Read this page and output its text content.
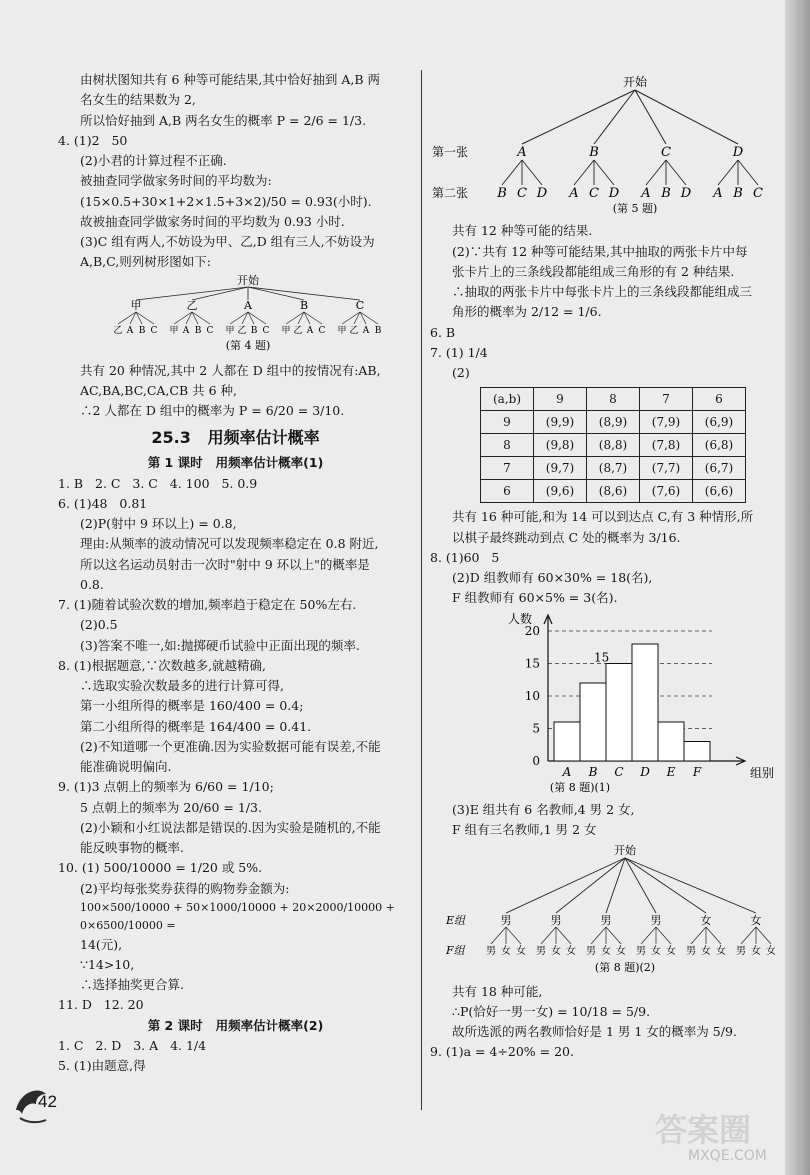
由树状图知共有 6 种等可能结果,其中恰好抽到 A,B 两

名女生的结果数为 2,

所以恰好抽到 A,B 两名女生的概率 P = 2/6 = 1/3.

4. (1)2   50

(2)小君的计算过程不正确.

被抽查同学做家务时间的平均数为:

(15×0.5+30×1+2×1.5+3×2)/50 = 0.93(小时).

故被抽查同学做家务时间的平均数为 0.93 小时.

(3)C 组有两人,不妨设为甲、乙,D 组有三人,不妨设为

A,B,C,则列树形图如下:

开始
甲
乙 A B C
乙
甲 A B C
A
甲 乙 B C
B
甲 乙 A C
C
甲 乙 A B
(第 4 题)

共有 20 种情况,其中 2 人都在 D 组中的按情况有:AB,

AC,BA,BC,CA,CB 共 6 种,

∴2 人都在 D 组中的概率为 P = 6/20 = 3/10.

25.3   用频率估计概率

第 1 课时   用频率估计概率(1)

1. B   2. C   3. C   4. 100   5. 0.9

6. (1)48   0.81

(2)P(射中 9 环以上) = 0.8,

理由:从频率的波动情况可以发现频率稳定在 0.8 附近,

所以这名运动员射击一次时"射中 9 环以上"的概率是

0.8.

7. (1)随着试验次数的增加,频率趋于稳定在 50%左右.

(2)0.5

(3)答案不唯一,如:抛掷硬币试验中正面出现的频率.

8. (1)根据题意,∵次数越多,就越精确,

∴选取实验次数最多的进行计算可得,

第一小组所得的概率是 160/400 = 0.4;

第二小组所得的概率是 164/400 = 0.41.

(2)不知道哪一个更准确.因为实验数据可能有误差,不能

能准确说明偏向.

9. (1)3 点朝上的频率为 6/60 = 1/10;

5 点朝上的频率为 20/60 = 1/3.

(2)小颖和小红说法都是错误的.因为实验是随机的,不能

能反映事物的概率.

10. (1) 500/10000 = 1/20 或 5%.

(2)平均每张奖券获得的购物券金额为:

100×500/10000 + 50×1000/10000 + 20×2000/10000 + 0×6500/10000 =

14(元),

∵14>10,

∴选择抽奖更合算.

11. D   12. 20

第 2 课时   用频率估计概率(2)

1. C   2. D   3. A   4. 1/4

5. (1)由题意,得

开始
第一张
第二张
A
B C D
B
A C D
C
A B D
D
A B C
(第 5 题)

共有 12 种等可能的结果.

(2)∵共有 12 种等可能结果,其中抽取的两张卡片中每

张卡片上的三条线段都能组成三角形的有 2 种结果.

∴抽取的两张卡片中每张卡片上的三条线段都能组成三

角形的概率为 2/12 = 1/6.

6. B

7. (1) 1/4

(2)

(a,b)	9	8	7	6
9	(9,9)	(8,9)	(7,9)	(6,9)
8	(9,8)	(8,8)	(7,8)	(6,8)
7	(9,7)	(8,7)	(7,7)	(6,7)
6	(9,6)	(8,6)	(7,6)	(6,6)

共有 16 种可能,和为 14 可以到达点 C,有 3 种情形,所

以棋子最终跳动到点 C 处的概率为 3/16.

8. (1)60   5

(2)D 组教师有 60×30% = 18(名),

F 组教师有 60×5% = 3(名).

人数
0
5
10
15
20
A B C D E F
15
组别
(第 8 题)(1)

(3)E 组共有 6 名教师,4 男 2 女,

F 组有三名教师,1 男 2 女

开始
E组
F组
男
男 女 女
男
男 女 女
男
男 女 女
男
男 女 女
女
男 女 女
女
男 女 女
(第 8 题)(2)

共有 18 种可能,

∴P(恰好一男一女) = 10/18 = 5/9.

故所选派的两名教师恰好是 1 男 1 女的概率为 5/9.

9. (1)a = 4÷20% = 20.

42
答案圈
MXQE.COM
